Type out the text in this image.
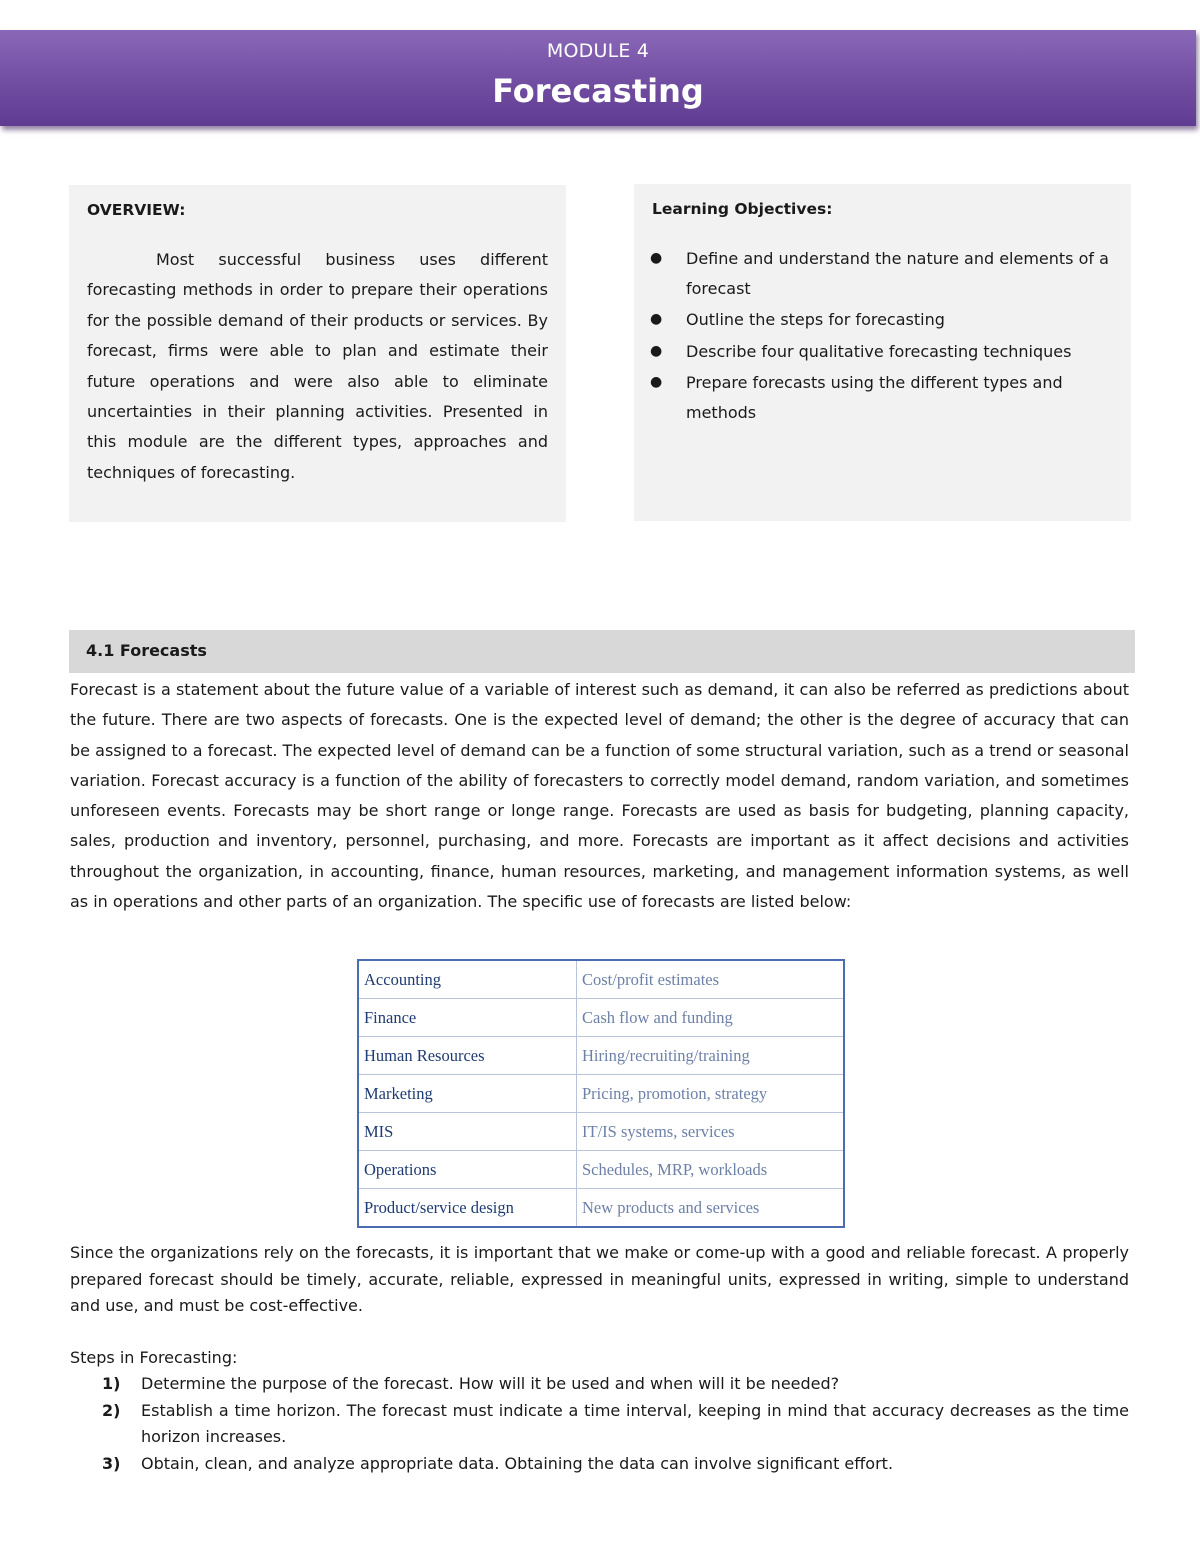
MODULE 4
Forecasting
OVERVIEW:
Most successful business uses different forecasting methods in order to prepare their operations for the possible demand of their products or services. By forecast, firms were able to plan and estimate their future operations and were also able to eliminate uncertainties in their planning activities. Presented in this module are the different types, approaches and techniques of forecasting.
Learning Objectives:
● Define and understand the nature and elements of a forecast
● Outline the steps for forecasting
● Describe four qualitative forecasting techniques
● Prepare forecasts using the different types and methods
4.1 Forecasts

Forecast is a statement about the future value of a variable of interest such as demand, it can also be referred as predictions about the future. There are two aspects of forecasts. One is the expected level of demand; the other is the degree of accuracy that can be assigned to a forecast. The expected level of demand can be a function of some structural variation, such as a trend or seasonal variation. Forecast accuracy is a function of the ability of forecasters to correctly model demand, random variation, and sometimes unforeseen events. Forecasts may be short range or longe range. Forecasts are used as basis for budgeting, planning capacity, sales, production and inventory, personnel, purchasing, and more. Forecasts are important as it affect decisions and activities throughout the organization, in accounting, finance, human resources, marketing, and management information systems, as well as in operations and other parts of an organization. The specific use of forecasts are listed below:

Accounting	Cost/profit estimates
Finance	Cash flow and funding
Human Resources	Hiring/recruiting/training
Marketing	Pricing, promotion, strategy
MIS	IT/IS systems, services
Operations	Schedules, MRP, workloads
Product/service design	New products and services

Since the organizations rely on the forecasts, it is important that we make or come-up with a good and reliable forecast. A properly prepared forecast should be timely, accurate, reliable, expressed in meaningful units, expressed in writing, simple to understand and use, and must be cost-effective.

Steps in Forecasting:
1) Determine the purpose of the forecast. How will it be used and when will it be needed?
2) Establish a time horizon. The forecast must indicate a time interval, keeping in mind that accuracy decreases as the time horizon increases.
3) Obtain, clean, and analyze appropriate data. Obtaining the data can involve significant effort.
